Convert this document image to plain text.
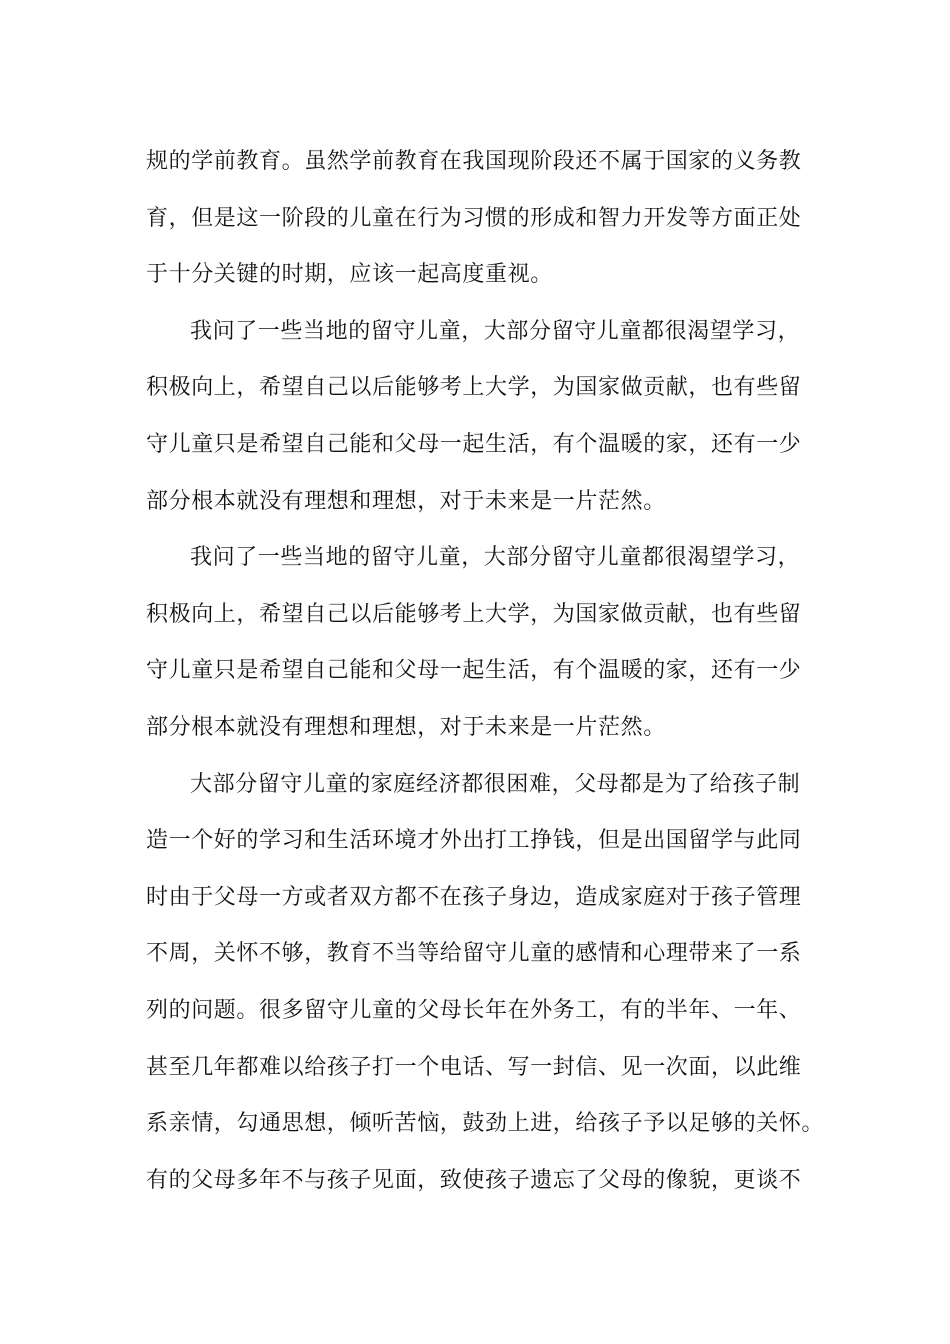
规的学前教育。虽然学前教育在我国现阶段还不属于国家的义务教
育，但是这一阶段的儿童在行为习惯的形成和智力开发等方面正处
于十分关键的时期，应该一起高度重视。
我问了一些当地的留守儿童，大部分留守儿童都很渴望学习，
积极向上，希望自己以后能够考上大学，为国家做贡献，也有些留
守儿童只是希望自己能和父母一起生活，有个温暖的家，还有一少
部分根本就没有理想和理想，对于未来是一片茫然。
我问了一些当地的留守儿童，大部分留守儿童都很渴望学习，
积极向上，希望自己以后能够考上大学，为国家做贡献，也有些留
守儿童只是希望自己能和父母一起生活，有个温暖的家，还有一少
部分根本就没有理想和理想，对于未来是一片茫然。
大部分留守儿童的家庭经济都很困难，父母都是为了给孩子制
造一个好的学习和生活环境才外出打工挣钱，但是出国留学与此同
时由于父母一方或者双方都不在孩子身边，造成家庭对于孩子管理
不周，关怀不够，教育不当等给留守儿童的感情和心理带来了一系
列的问题。很多留守儿童的父母长年在外务工，有的半年、一年、
甚至几年都难以给孩子打一个电话、写一封信、见一次面，以此维
系亲情，勾通思想，倾听苦恼，鼓劲上进，给孩子予以足够的关怀。
有的父母多年不与孩子见面，致使孩子遗忘了父母的像貌，更谈不
